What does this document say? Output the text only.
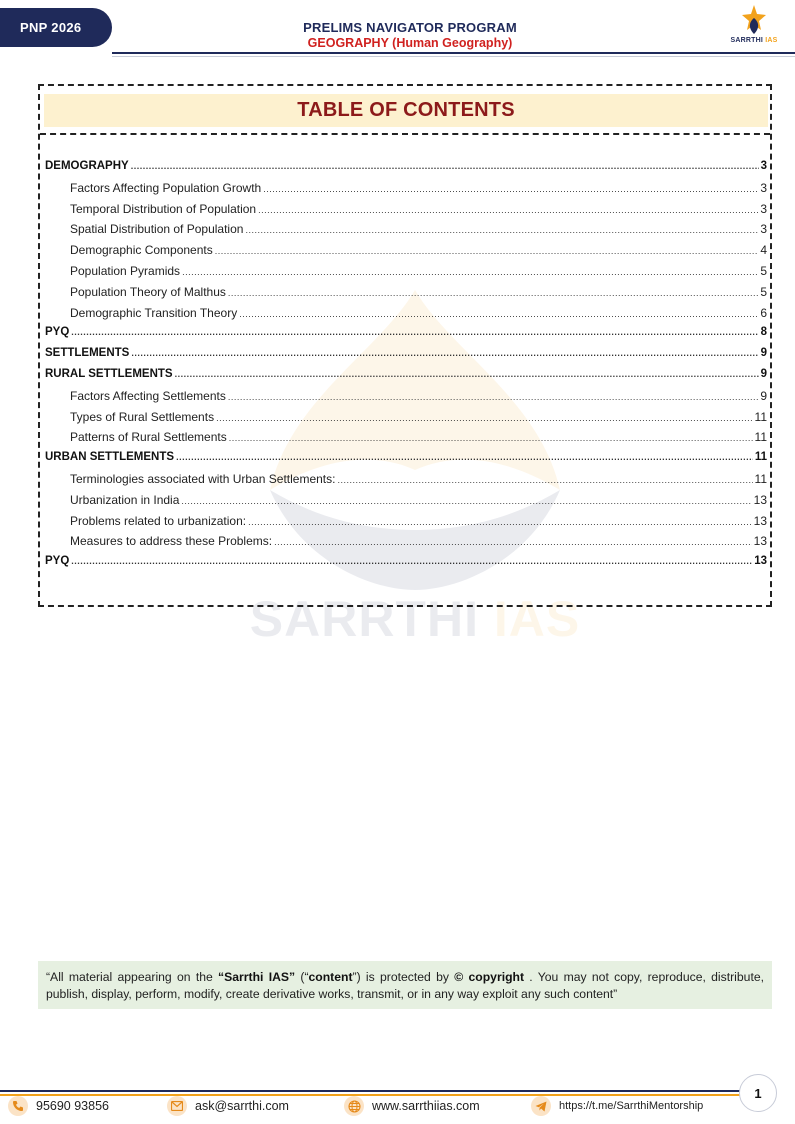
PNP 2026	PRELIMS NAVIGATOR PROGRAM
GEOGRAPHY (Human Geography)	SARRTHI IAS
SARRTHI IAS
TABLE OF CONTENTS
DEMOGRAPHY .....	3
Factors Affecting Population Growth .....	3
Temporal Distribution of Population .....	3
Spatial Distribution of Population .....	3
Demographic Components .....	4
Population Pyramids .....	5
Population Theory of Malthus .....	5
Demographic Transition Theory .....	6
PYQ .....	8
SETTLEMENTS .....	9
RURAL SETTLEMENTS .....	9
Factors Affecting Settlements .....	9
Types of Rural Settlements .....	11
Patterns of Rural Settlements .....	11
URBAN SETTLEMENTS .....	11
Terminologies associated with Urban Settlements: .....	11
Urbanization in India .....	13
Problems related to urbanization: .....	13
Measures to address these Problems: .....	13
PYQ .....	13
“All material appearing on the “Sarrthi IAS” (“content”) is protected by © copyright . You may not copy, reproduce, distribute, publish, display, perform, modify, create derivative works, transmit, or in any way exploit any such content”
95690 93856	ask@sarrthi.com	www.sarrthiias.com	https://t.me/SarrthiMentorship
1
